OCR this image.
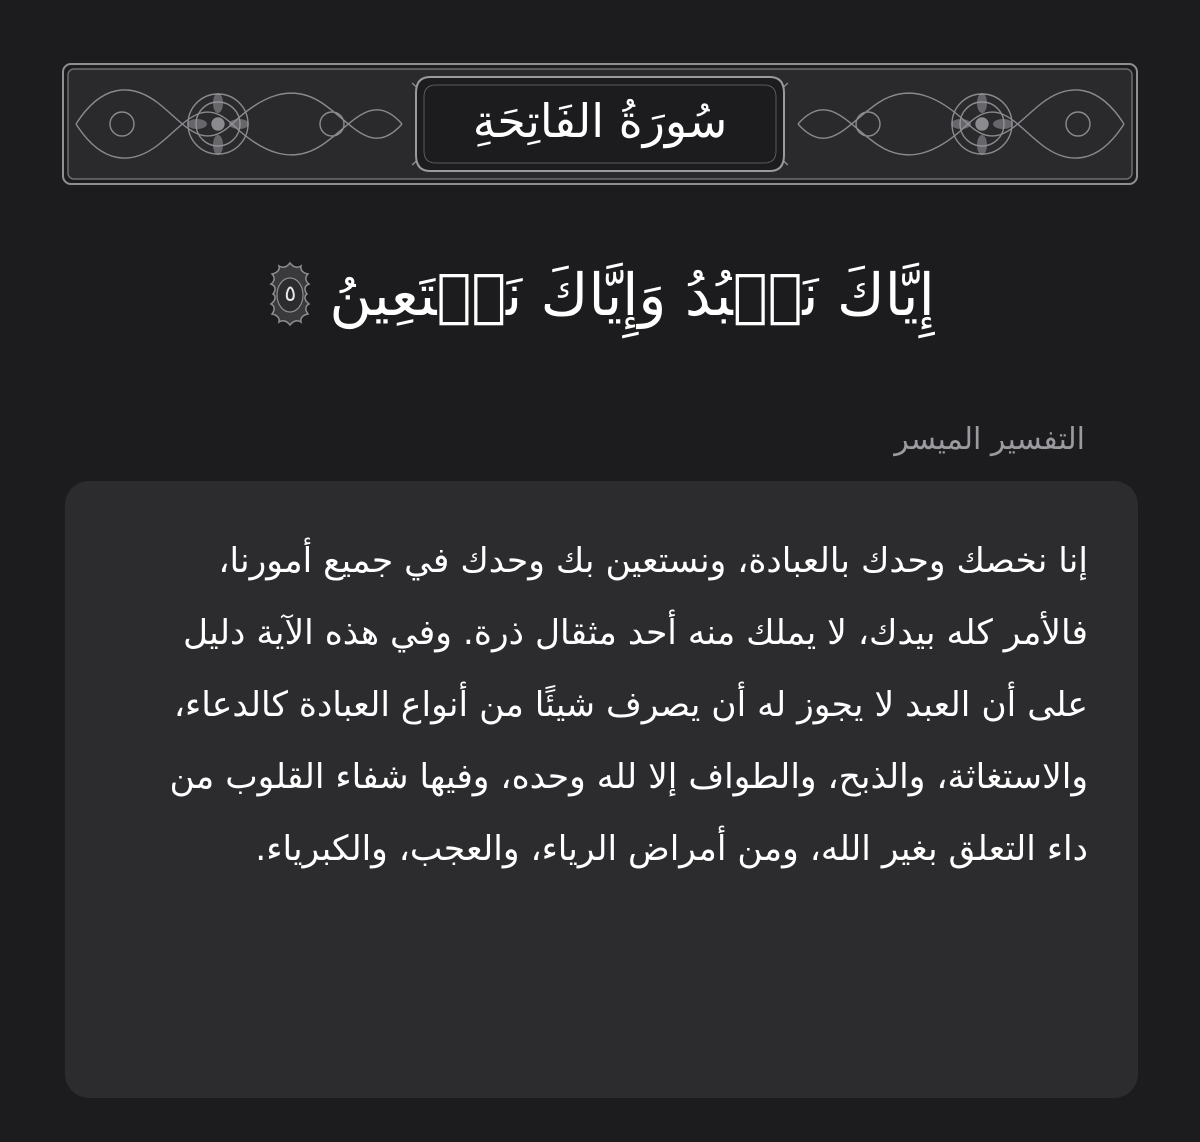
سُورَةُ الفَاتِحَةِ
إِيَّاكَ نَعۡبُدُ وَإِيَّاكَ نَسۡتَعِينُ
٥
التفسير الميسر

إنا نخصك وحدك بالعبادة، ونستعين بك وحدك في جميع أمورنا، فالأمر كله بيدك، لا يملك منه أحد مثقال ذرة. وفي هذه الآية دليل على أن العبد لا يجوز له أن يصرف شيئًا من أنواع العبادة كالدعاء، والاستغاثة، والذبح، والطواف إلا لله وحده، وفيها شفاء القلوب من داء التعلق بغير الله، ومن أمراض الرياء، والعجب، والكبرياء.
